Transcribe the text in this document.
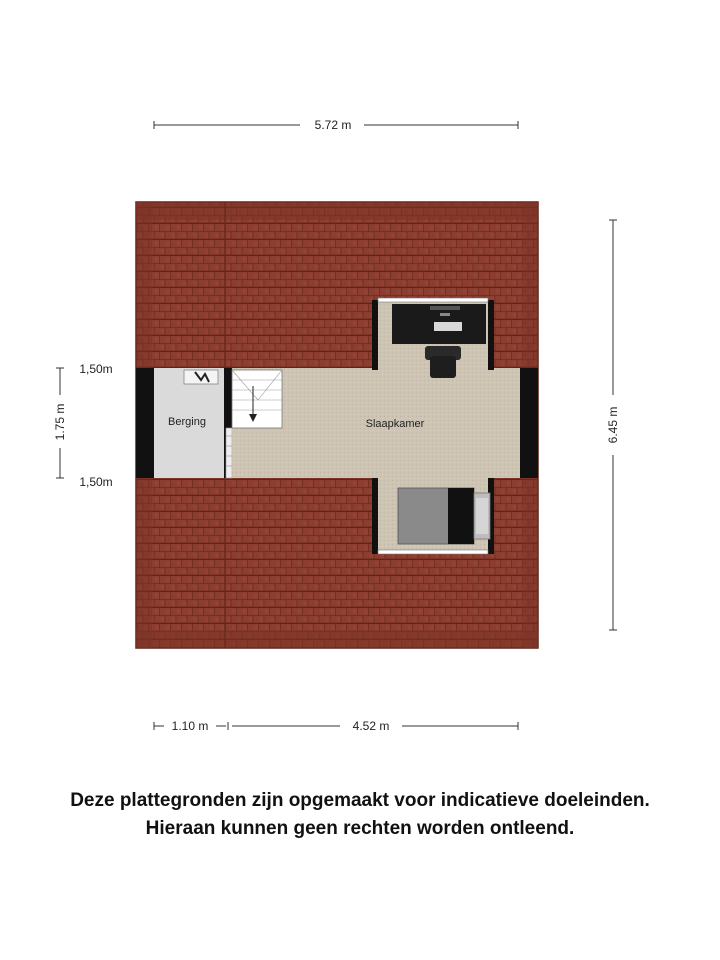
5.72 m
6.45 m
1.75 m
1,50m
1,50m
Berging	Slaapkamer
1.10 m	4.52 m
Deze plattegronden zijn opgemaakt voor indicatieve doeleinden.
Hieraan kunnen geen rechten worden ontleend.
